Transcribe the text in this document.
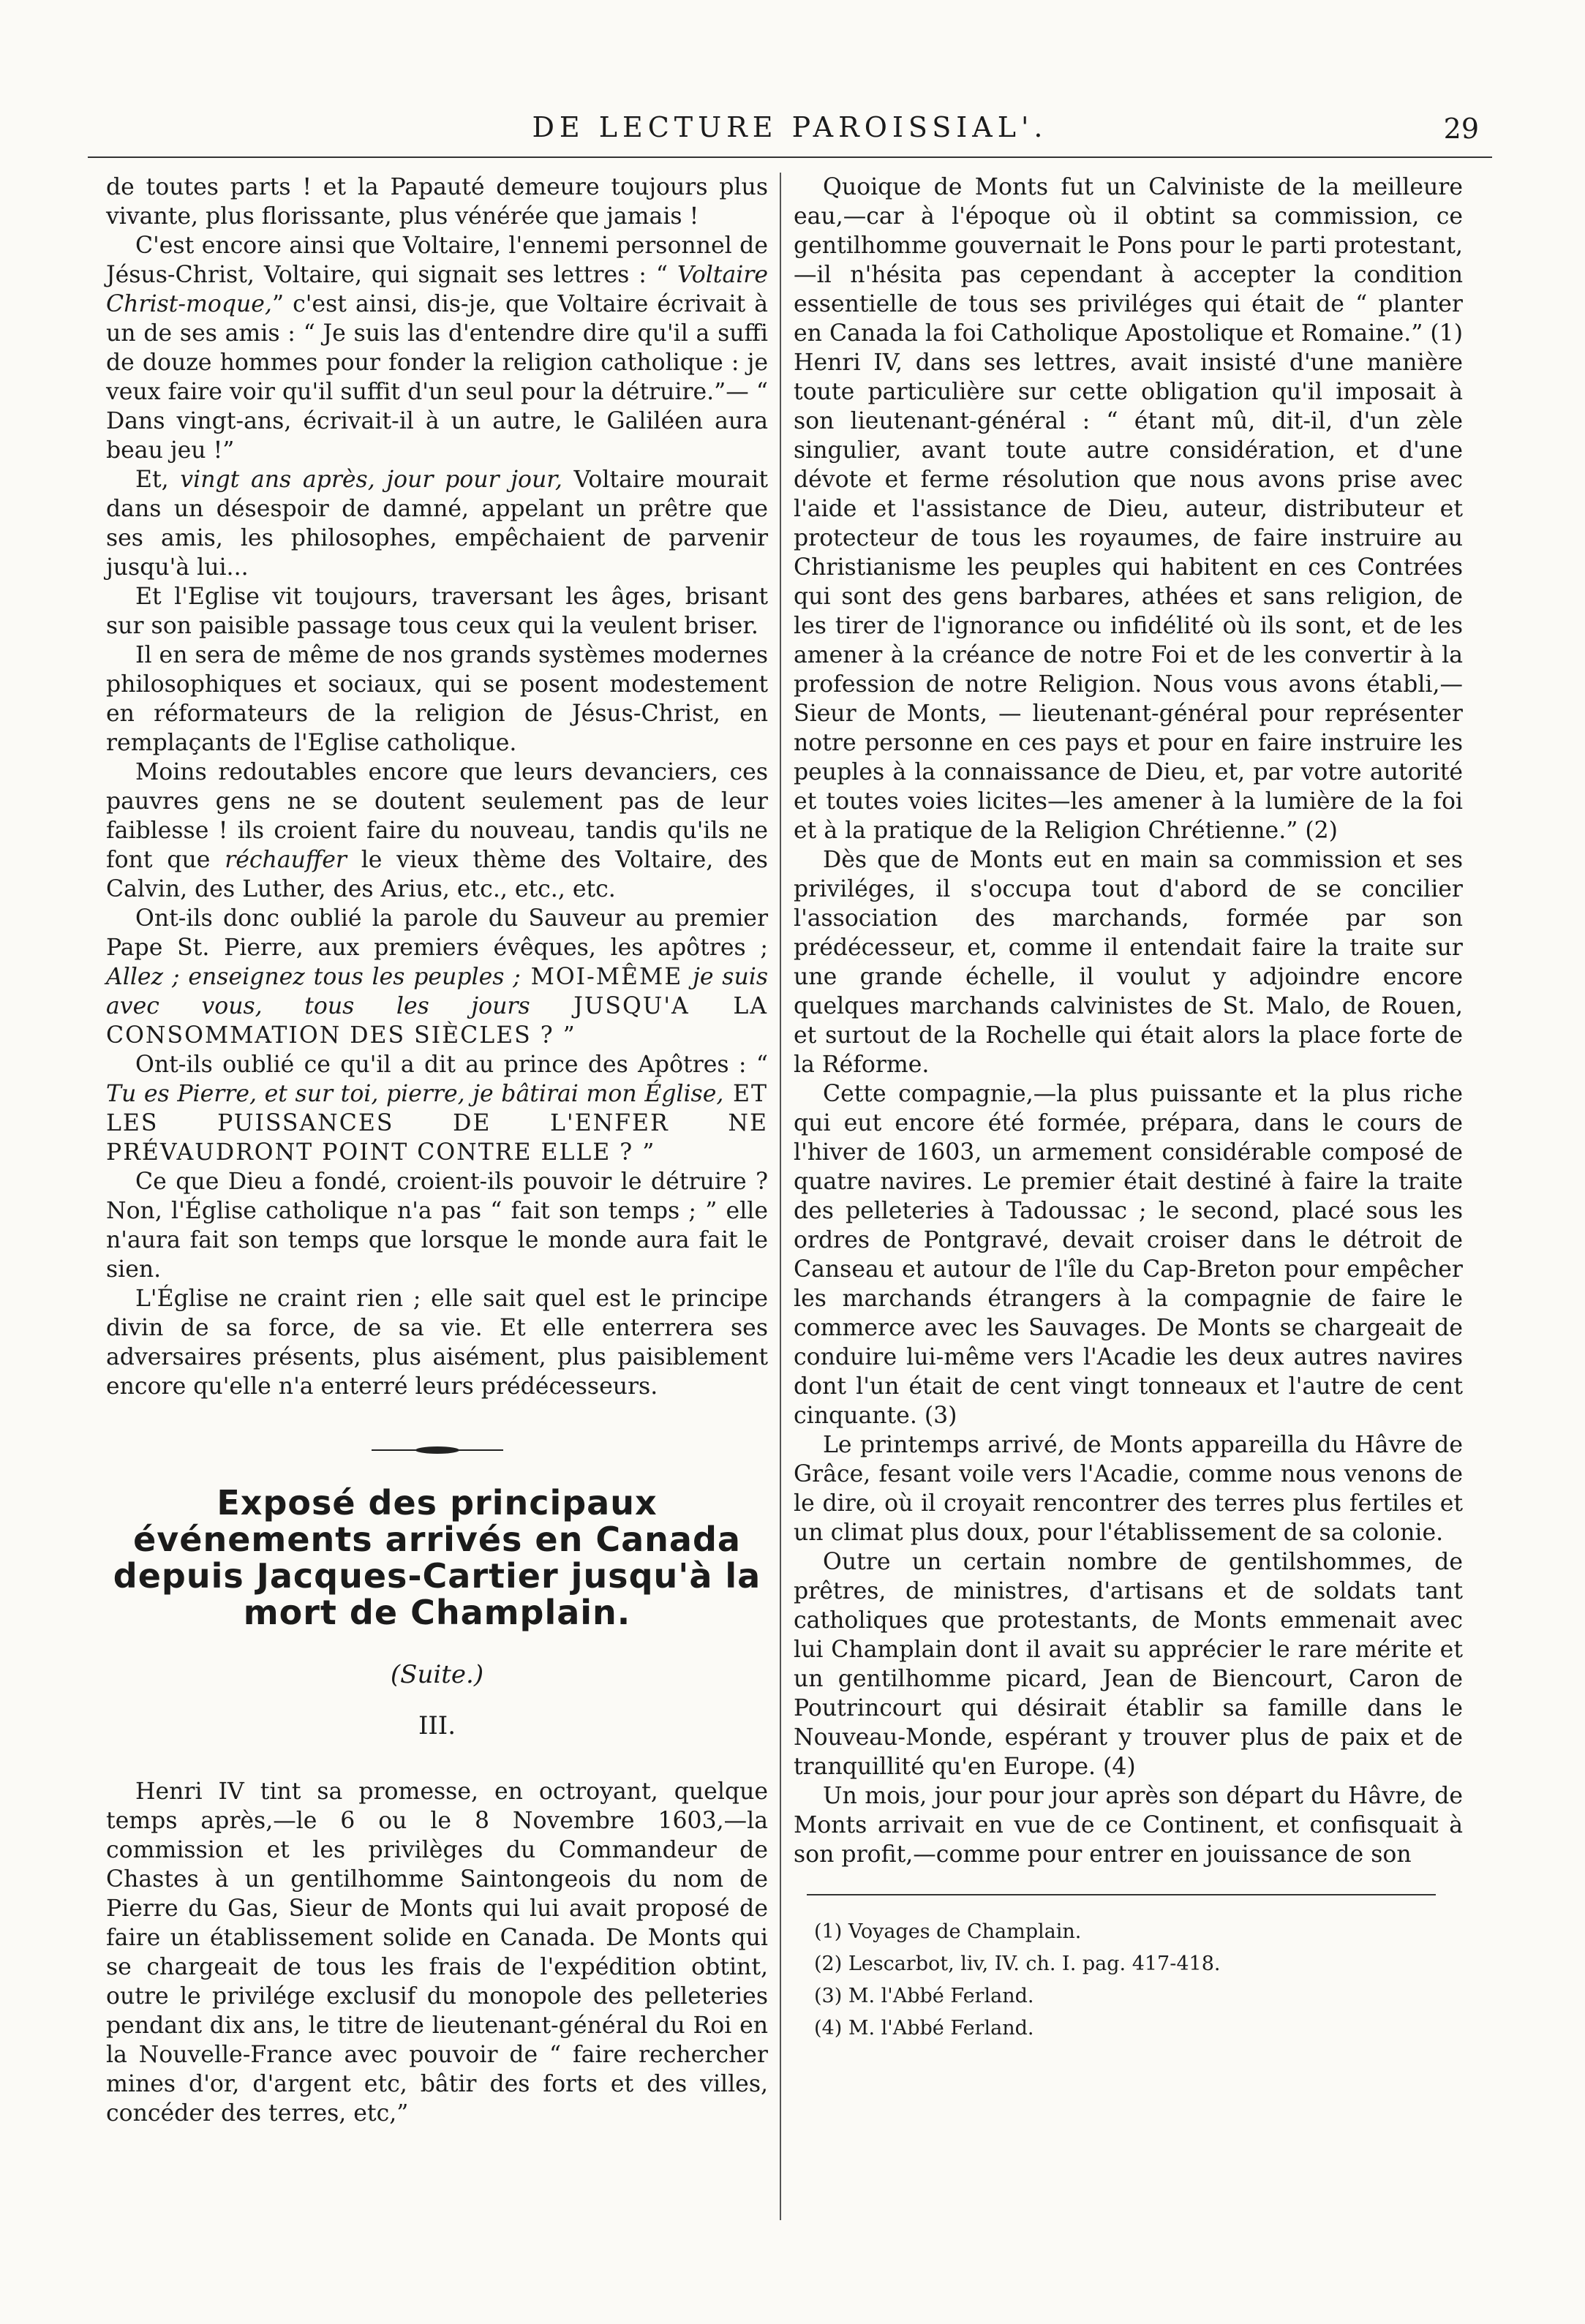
DE LECTURE PAROISSIAL'.	29

de toutes parts ! et la Papauté demeure toujours plus vivante, plus florissante, plus vénérée que jamais !

C'est encore ainsi que Voltaire, l'ennemi personnel de Jésus-Christ, Voltaire, qui signait ses lettres : “ Voltaire Christ-moque,” c'est ainsi, dis-je, que Voltaire écrivait à un de ses amis : “ Je suis las d'entendre dire qu'il a suffi de douze hommes pour fonder la religion catholique : je veux faire voir qu'il suffit d'un seul pour la détruire.”— “ Dans vingt-ans, écrivait-il à un autre, le Galiléen aura beau jeu !”

Et, vingt ans après, jour pour jour, Voltaire mourait dans un désespoir de damné, appelant un prêtre que ses amis, les philosophes, empêchaient de parvenir jusqu'à lui...

Et l'Eglise vit toujours, traversant les âges, brisant sur son paisible passage tous ceux qui la veulent briser.

Il en sera de même de nos grands systèmes modernes philosophiques et sociaux, qui se posent modestement en réformateurs de la religion de Jésus-Christ, en remplaçants de l'Eglise catholique.

Moins redoutables encore que leurs devanciers, ces pauvres gens ne se doutent seulement pas de leur faiblesse ! ils croient faire du nouveau, tandis qu'ils ne font que réchauffer le vieux thème des Voltaire, des Calvin, des Luther, des Arius, etc., etc., etc.

Ont-ils donc oublié la parole du Sauveur au premier Pape St. Pierre, aux premiers évêques, les apôtres ; Allez ; enseignez tous les peuples ; MOI-MÊME je suis avec vous, tous les jours JUSQU'A LA CONSOMMATION DES SIÈCLES ? ”

Ont-ils oublié ce qu'il a dit au prince des Apôtres : “ Tu es Pierre, et sur toi, pierre, je bâtirai mon Église, ET LES PUISSANCES DE L'ENFER NE PRÉVAUDRONT POINT CONTRE ELLE ? ”

Ce que Dieu a fondé, croient-ils pouvoir le détruire ? Non, l'Église catholique n'a pas “ fait son temps ; ” elle n'aura fait son temps que lorsque le monde aura fait le sien.

L'Église ne craint rien ; elle sait quel est le principe divin de sa force, de sa vie. Et elle enterrera ses adversaires présents, plus aisément, plus paisiblement encore qu'elle n'a enterré leurs prédécesseurs.

Exposé des principaux événements arrivés en Canada depuis Jacques-Cartier jusqu'à la mort de Champlain.
(Suite.)
III.

Henri IV tint sa promesse, en octroyant, quelque temps après,—le 6 ou le 8 Novembre 1603,—la commission et les privilèges du Commandeur de Chastes à un gentilhomme Saintongeois du nom de Pierre du Gas, Sieur de Monts qui lui avait proposé de faire un établissement solide en Canada. De Monts qui se chargeait de tous les frais de l'expédition obtint, outre le privilége exclusif du monopole des pelleteries pendant dix ans, le titre de lieutenant-général du Roi en la Nouvelle-France avec pouvoir de “ faire rechercher mines d'or, d'argent etc, bâtir des forts et des villes, concéder des terres, etc,”

Quoique de Monts fut un Calviniste de la meilleure eau,—car à l'époque où il obtint sa commission, ce gentilhomme gouvernait le Pons pour le parti protestant,—il n'hésita pas cependant à accepter la condition essentielle de tous ses priviléges qui était de “ planter en Canada la foi Catholique Apostolique et Romaine.” (1) Henri IV, dans ses lettres, avait insisté d'une manière toute particulière sur cette obligation qu'il imposait à son lieutenant-général : “ étant mû, dit-il, d'un zèle singulier, avant toute autre considération, et d'une dévote et ferme résolution que nous avons prise avec l'aide et l'assistance de Dieu, auteur, distributeur et protecteur de tous les royaumes, de faire instruire au Christianisme les peuples qui habitent en ces Contrées qui sont des gens barbares, athées et sans religion, de les tirer de l'ignorance ou infidélité où ils sont, et de les amener à la créance de notre Foi et de les convertir à la profession de notre Religion. Nous vous avons établi,— Sieur de Monts, — lieutenant-général pour représenter notre personne en ces pays et pour en faire instruire les peuples à la connaissance de Dieu, et, par votre autorité et toutes voies licites—les amener à la lumière de la foi et à la pratique de la Religion Chrétienne.” (2)

Dès que de Monts eut en main sa commission et ses priviléges, il s'occupa tout d'abord de se concilier l'association des marchands, formée par son prédécesseur, et, comme il entendait faire la traite sur une grande échelle, il voulut y adjoindre encore quelques marchands calvinistes de St. Malo, de Rouen, et surtout de la Rochelle qui était alors la place forte de la Réforme.

Cette compagnie,—la plus puissante et la plus riche qui eut encore été formée, prépara, dans le cours de l'hiver de 1603, un armement considérable composé de quatre navires. Le premier était destiné à faire la traite des pelleteries à Tadoussac ; le second, placé sous les ordres de Pontgravé, devait croiser dans le détroit de Canseau et autour de l'île du Cap-Breton pour empêcher les marchands étrangers à la compagnie de faire le commerce avec les Sauvages. De Monts se chargeait de conduire lui-même vers l'Acadie les deux autres navires dont l'un était de cent vingt tonneaux et l'autre de cent cinquante. (3)

Le printemps arrivé, de Monts appareilla du Hâvre de Grâce, fesant voile vers l'Acadie, comme nous venons de le dire, où il croyait rencontrer des terres plus fertiles et un climat plus doux, pour l'établissement de sa colonie.

Outre un certain nombre de gentilshommes, de prêtres, de ministres, d'artisans et de soldats tant catholiques que protestants, de Monts emmenait avec lui Champlain dont il avait su apprécier le rare mérite et un gentilhomme picard, Jean de Biencourt, Caron de Poutrincourt qui désirait établir sa famille dans le Nouveau-Monde, espérant y trouver plus de paix et de tranquillité qu'en Europe. (4)

Un mois, jour pour jour après son départ du Hâvre, de Monts arrivait en vue de ce Continent, et confisquait à son profit,—comme pour entrer en jouissance de son

(1) Voyages de Champlain.
(2) Lescarbot, liv, IV. ch. I. pag. 417-418.
(3) M. l'Abbé Ferland.
(4) M. l'Abbé Ferland.
